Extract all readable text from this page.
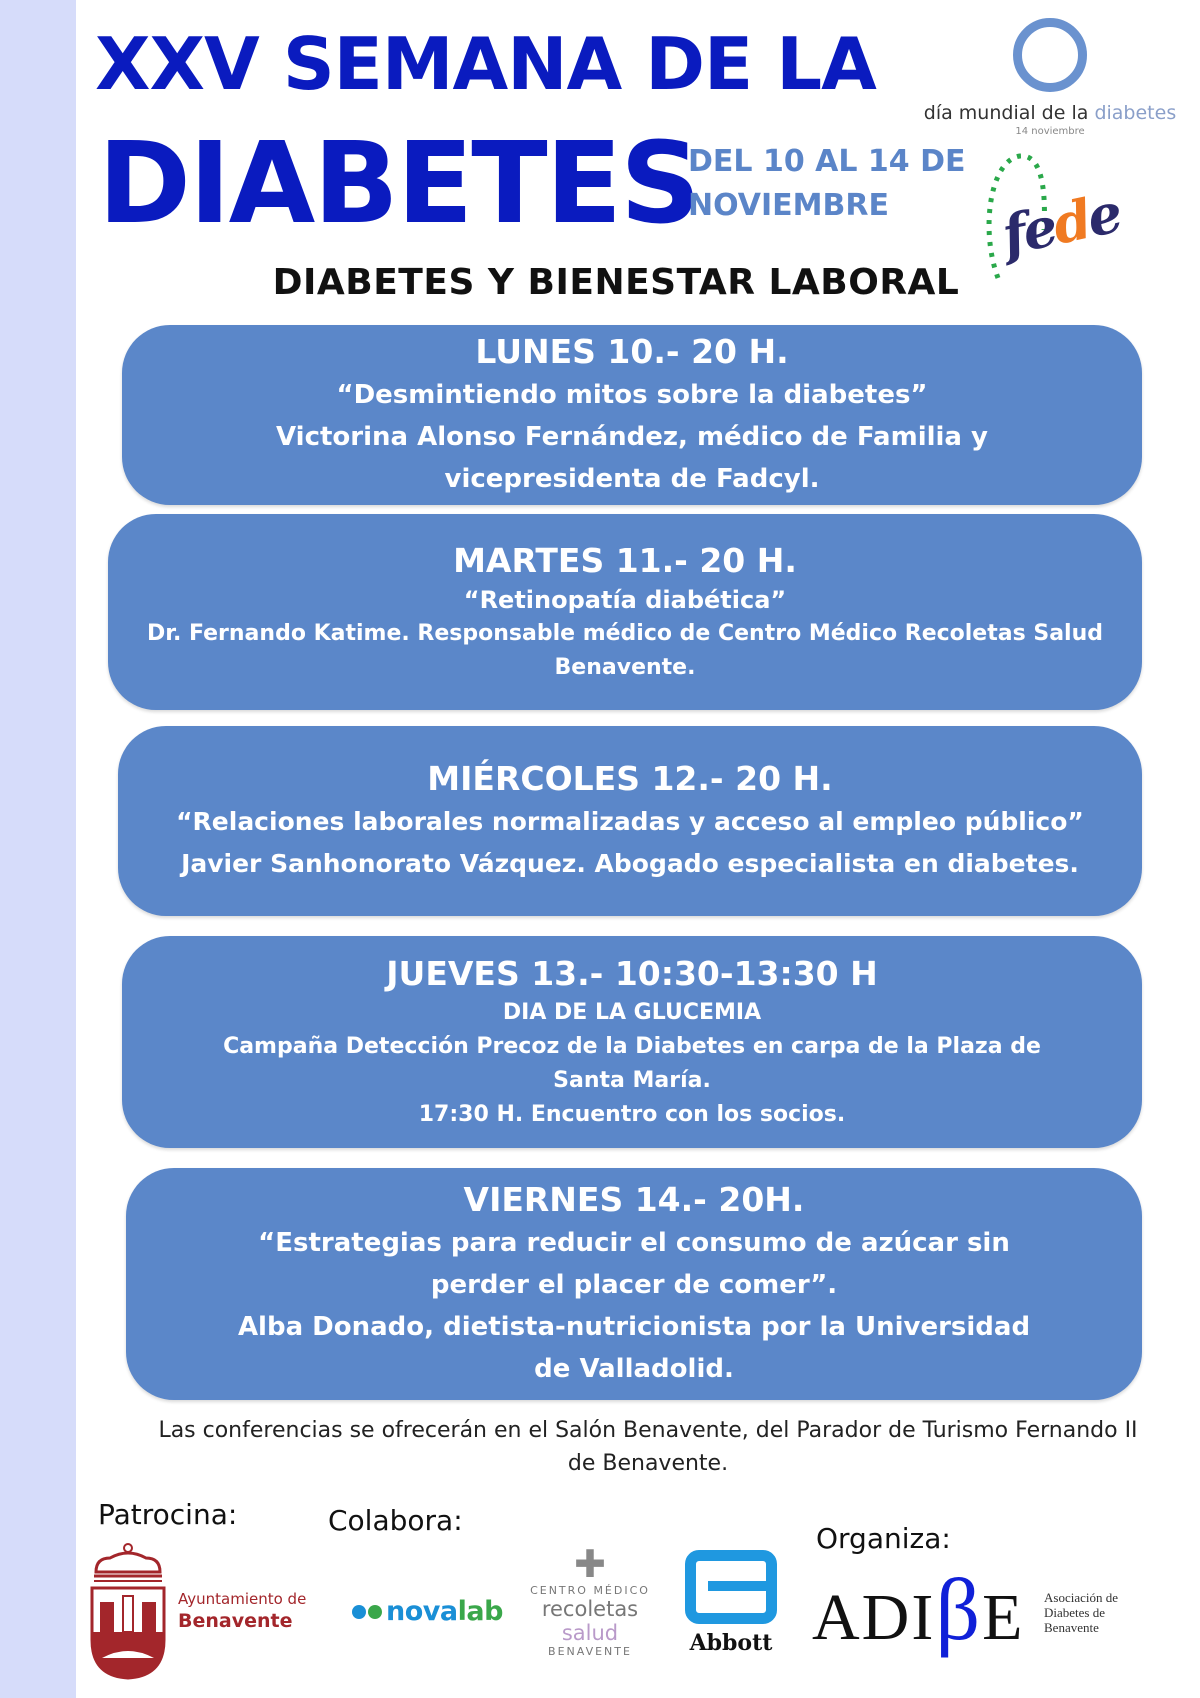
XXV SEMANA DE LA
DIABETES
DEL 10 AL 14 DE
NOVIEMBRE
DIABETES Y BIENESTAR LABORAL
día mundial de la diabetes
14 noviembre
fede
LUNES 10.- 20 H.
“Desmintiendo mitos sobre la diabetes”
Victorina Alonso Fernández, médico de Familia y
vicepresidenta de Fadcyl.
MARTES 11.- 20 H.
“Retinopatía diabética”
Dr. Fernando Katime. Responsable médico de Centro Médico Recoletas Salud
Benavente.
MIÉRCOLES 12.- 20 H.
“Relaciones laborales normalizadas y acceso al empleo público”
Javier Sanhonorato Vázquez. Abogado especialista en diabetes.
JUEVES 13.- 10:30-13:30 H
DIA DE LA GLUCEMIA
Campaña Detección Precoz de la Diabetes en carpa de la Plaza de
Santa María.
17:30 H. Encuentro con los socios.
VIERNES 14.- 20H.
“Estrategias para reducir el consumo de azúcar sin
perder el placer de comer”.
Alba Donado, dietista-nutricionista por la Universidad
de Valladolid.
Las conferencias se ofrecerán en el Salón Benavente, del Parador de Turismo Fernando II
de Benavente.
Patrocina:	Colabora:
Organiza:
Ayuntamiento de
Benavente	novalab
✚
CENTRO MÉDICO
recoletas salud
BENAVENTE	Abbott ADIβE Asociación de
Diabetes de
Benavente
